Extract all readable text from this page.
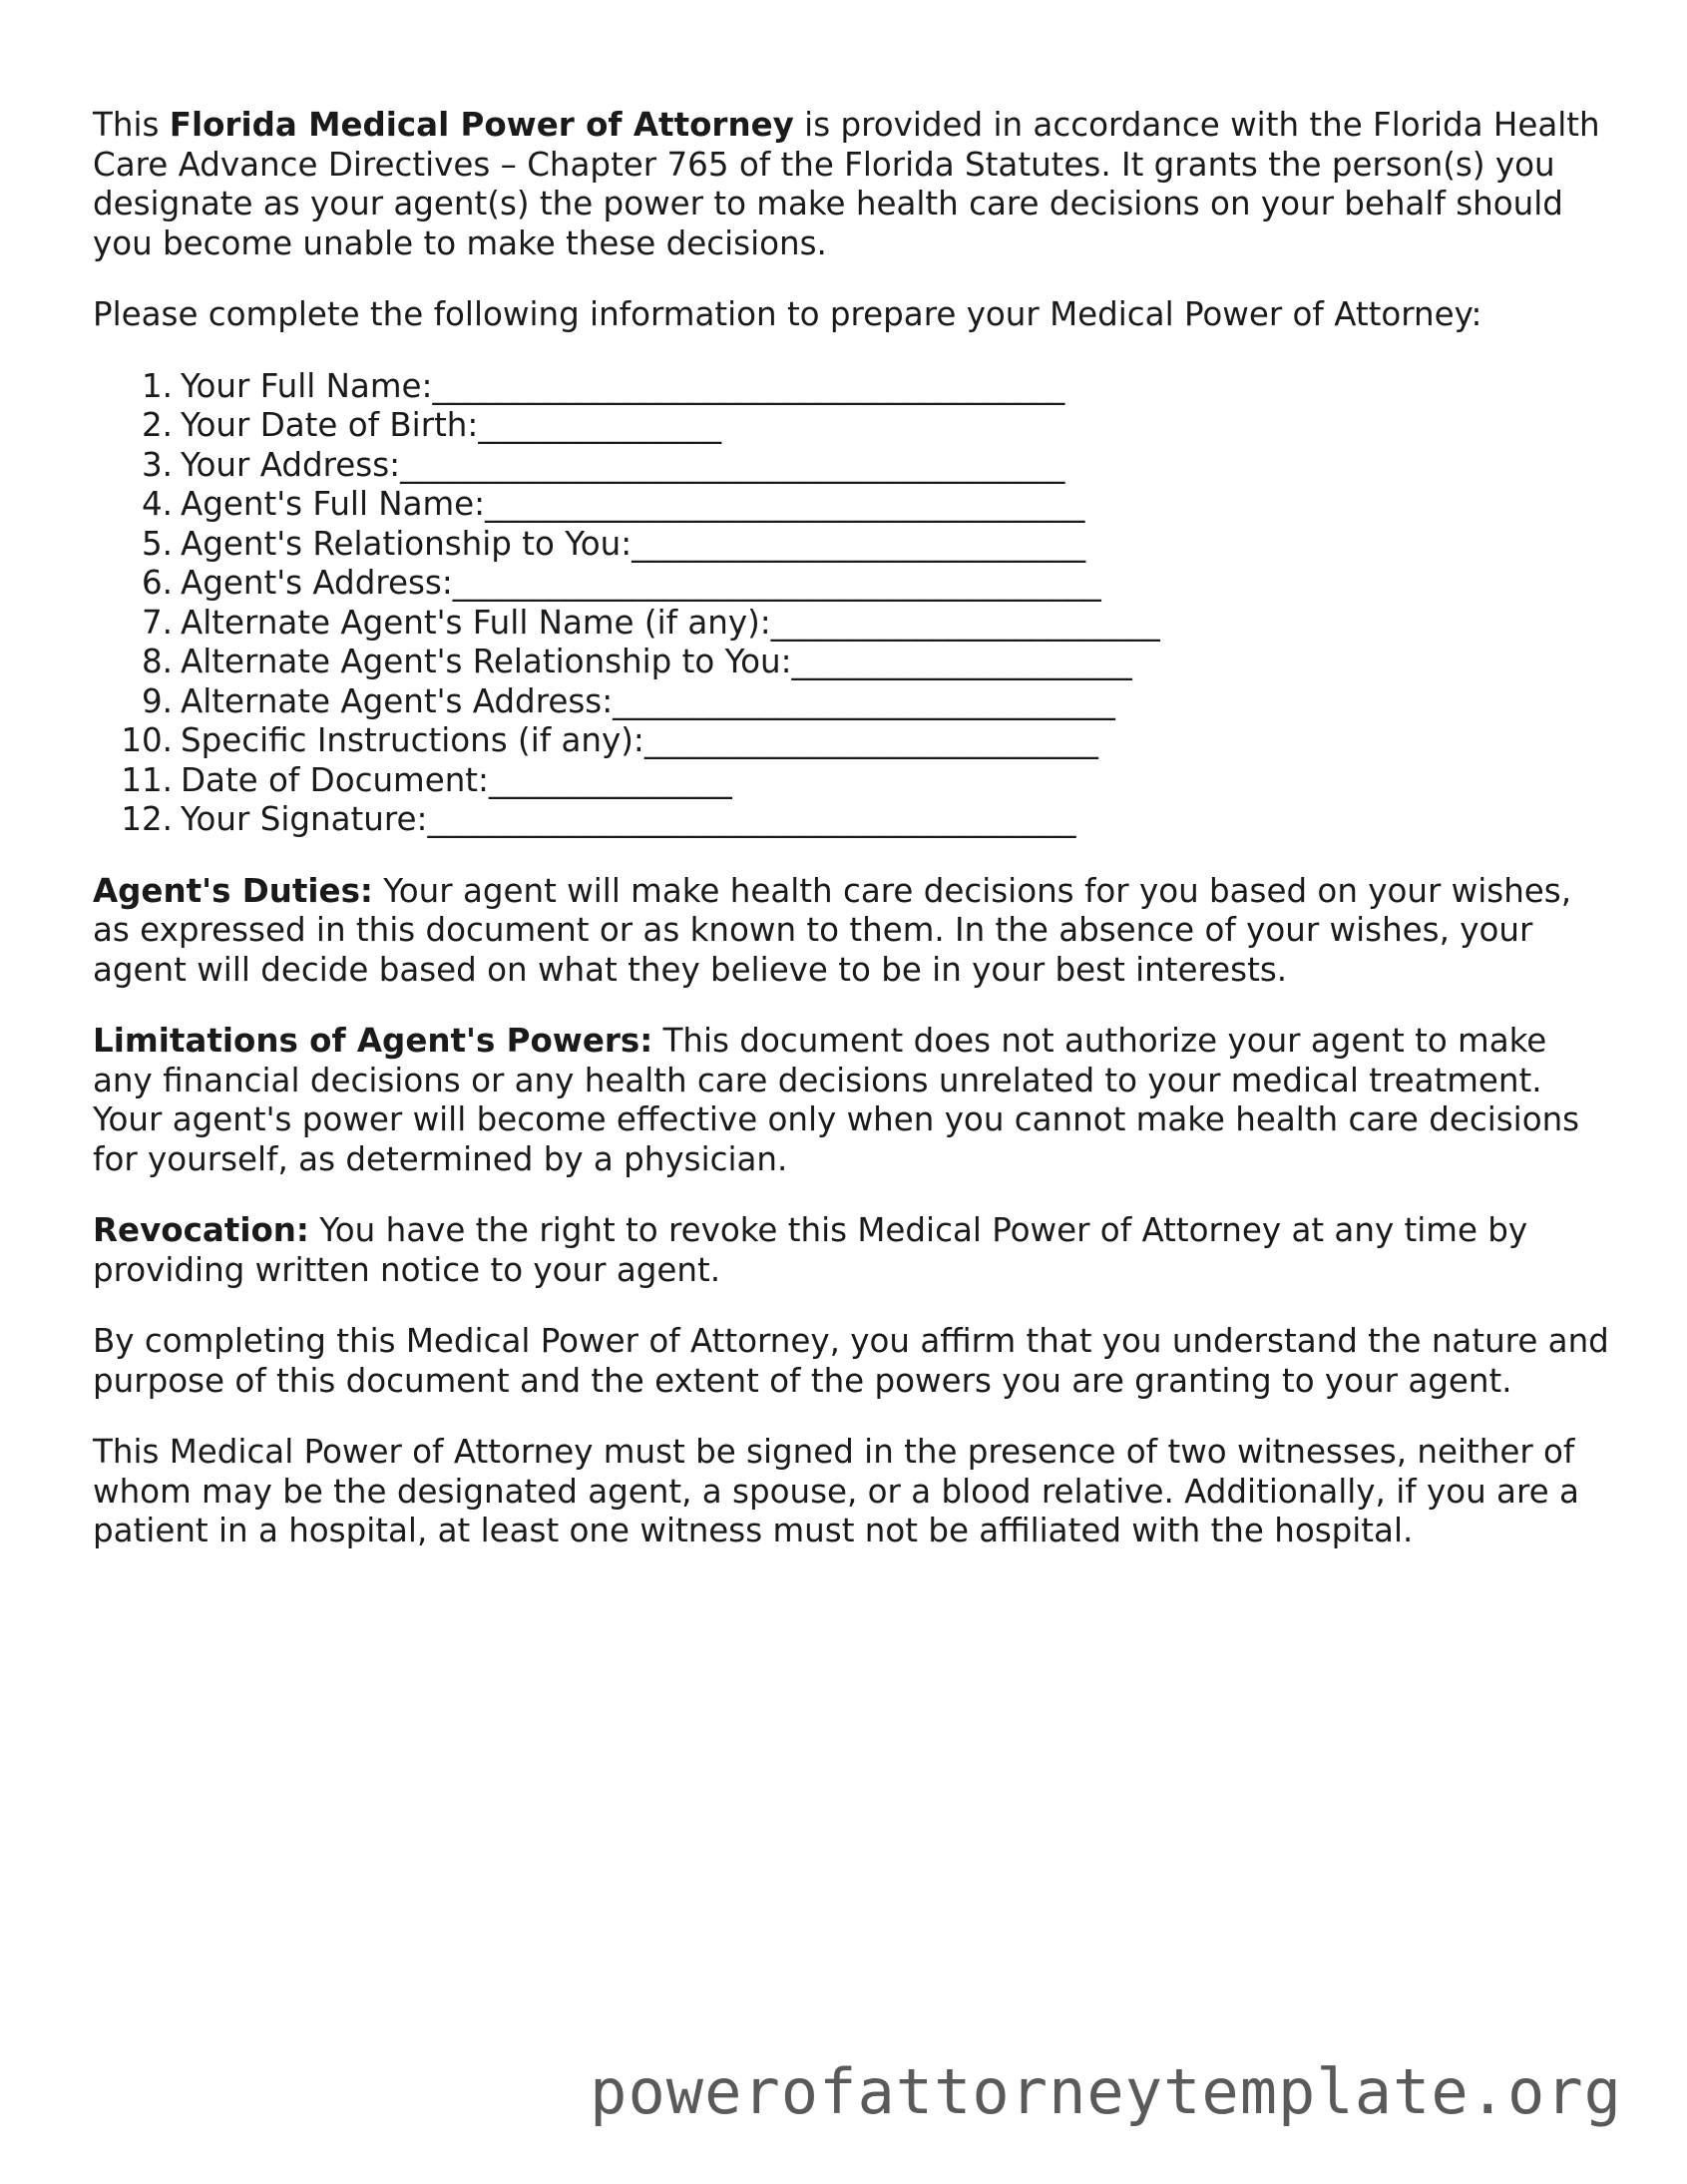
This Florida Medical Power of Attorney is provided in accordance with the Florida Health Care Advance Directives – Chapter 765 of the Florida Statutes. It grants the person(s) you designate as your agent(s) the power to make health care decisions on your behalf should you become unable to make these decisions.

Please complete the following information to prepare your Medical Power of Attorney:

1. Your Full Name: _______________________________________
2. Your Date of Birth: _______________
3. Your Address: _________________________________________
4. Agent's Full Name: _____________________________________
5. Agent's Relationship to You: ____________________________
6. Agent's Address: ________________________________________
7. Alternate Agent's Full Name (if any): ________________________
8. Alternate Agent's Relationship to You: _____________________
9. Alternate Agent's Address: _______________________________
10. Specific Instructions (if any): ____________________________
11. Date of Document: _______________
12. Your Signature: ________________________________________

Agent's Duties: Your agent will make health care decisions for you based on your wishes, as expressed in this document or as known to them. In the absence of your wishes, your agent will decide based on what they believe to be in your best interests.

Limitations of Agent's Powers: This document does not authorize your agent to make any financial decisions or any health care decisions unrelated to your medical treatment. Your agent's power will become effective only when you cannot make health care decisions for yourself, as determined by a physician.

Revocation: You have the right to revoke this Medical Power of Attorney at any time by providing written notice to your agent.

By completing this Medical Power of Attorney, you affirm that you understand the nature and purpose of this document and the extent of the powers you are granting to your agent.

This Medical Power of Attorney must be signed in the presence of two witnesses, neither of whom may be the designated agent, a spouse, or a blood relative. Additionally, if you are a patient in a hospital, at least one witness must not be affiliated with the hospital.

powerofattorneytemplate.org
